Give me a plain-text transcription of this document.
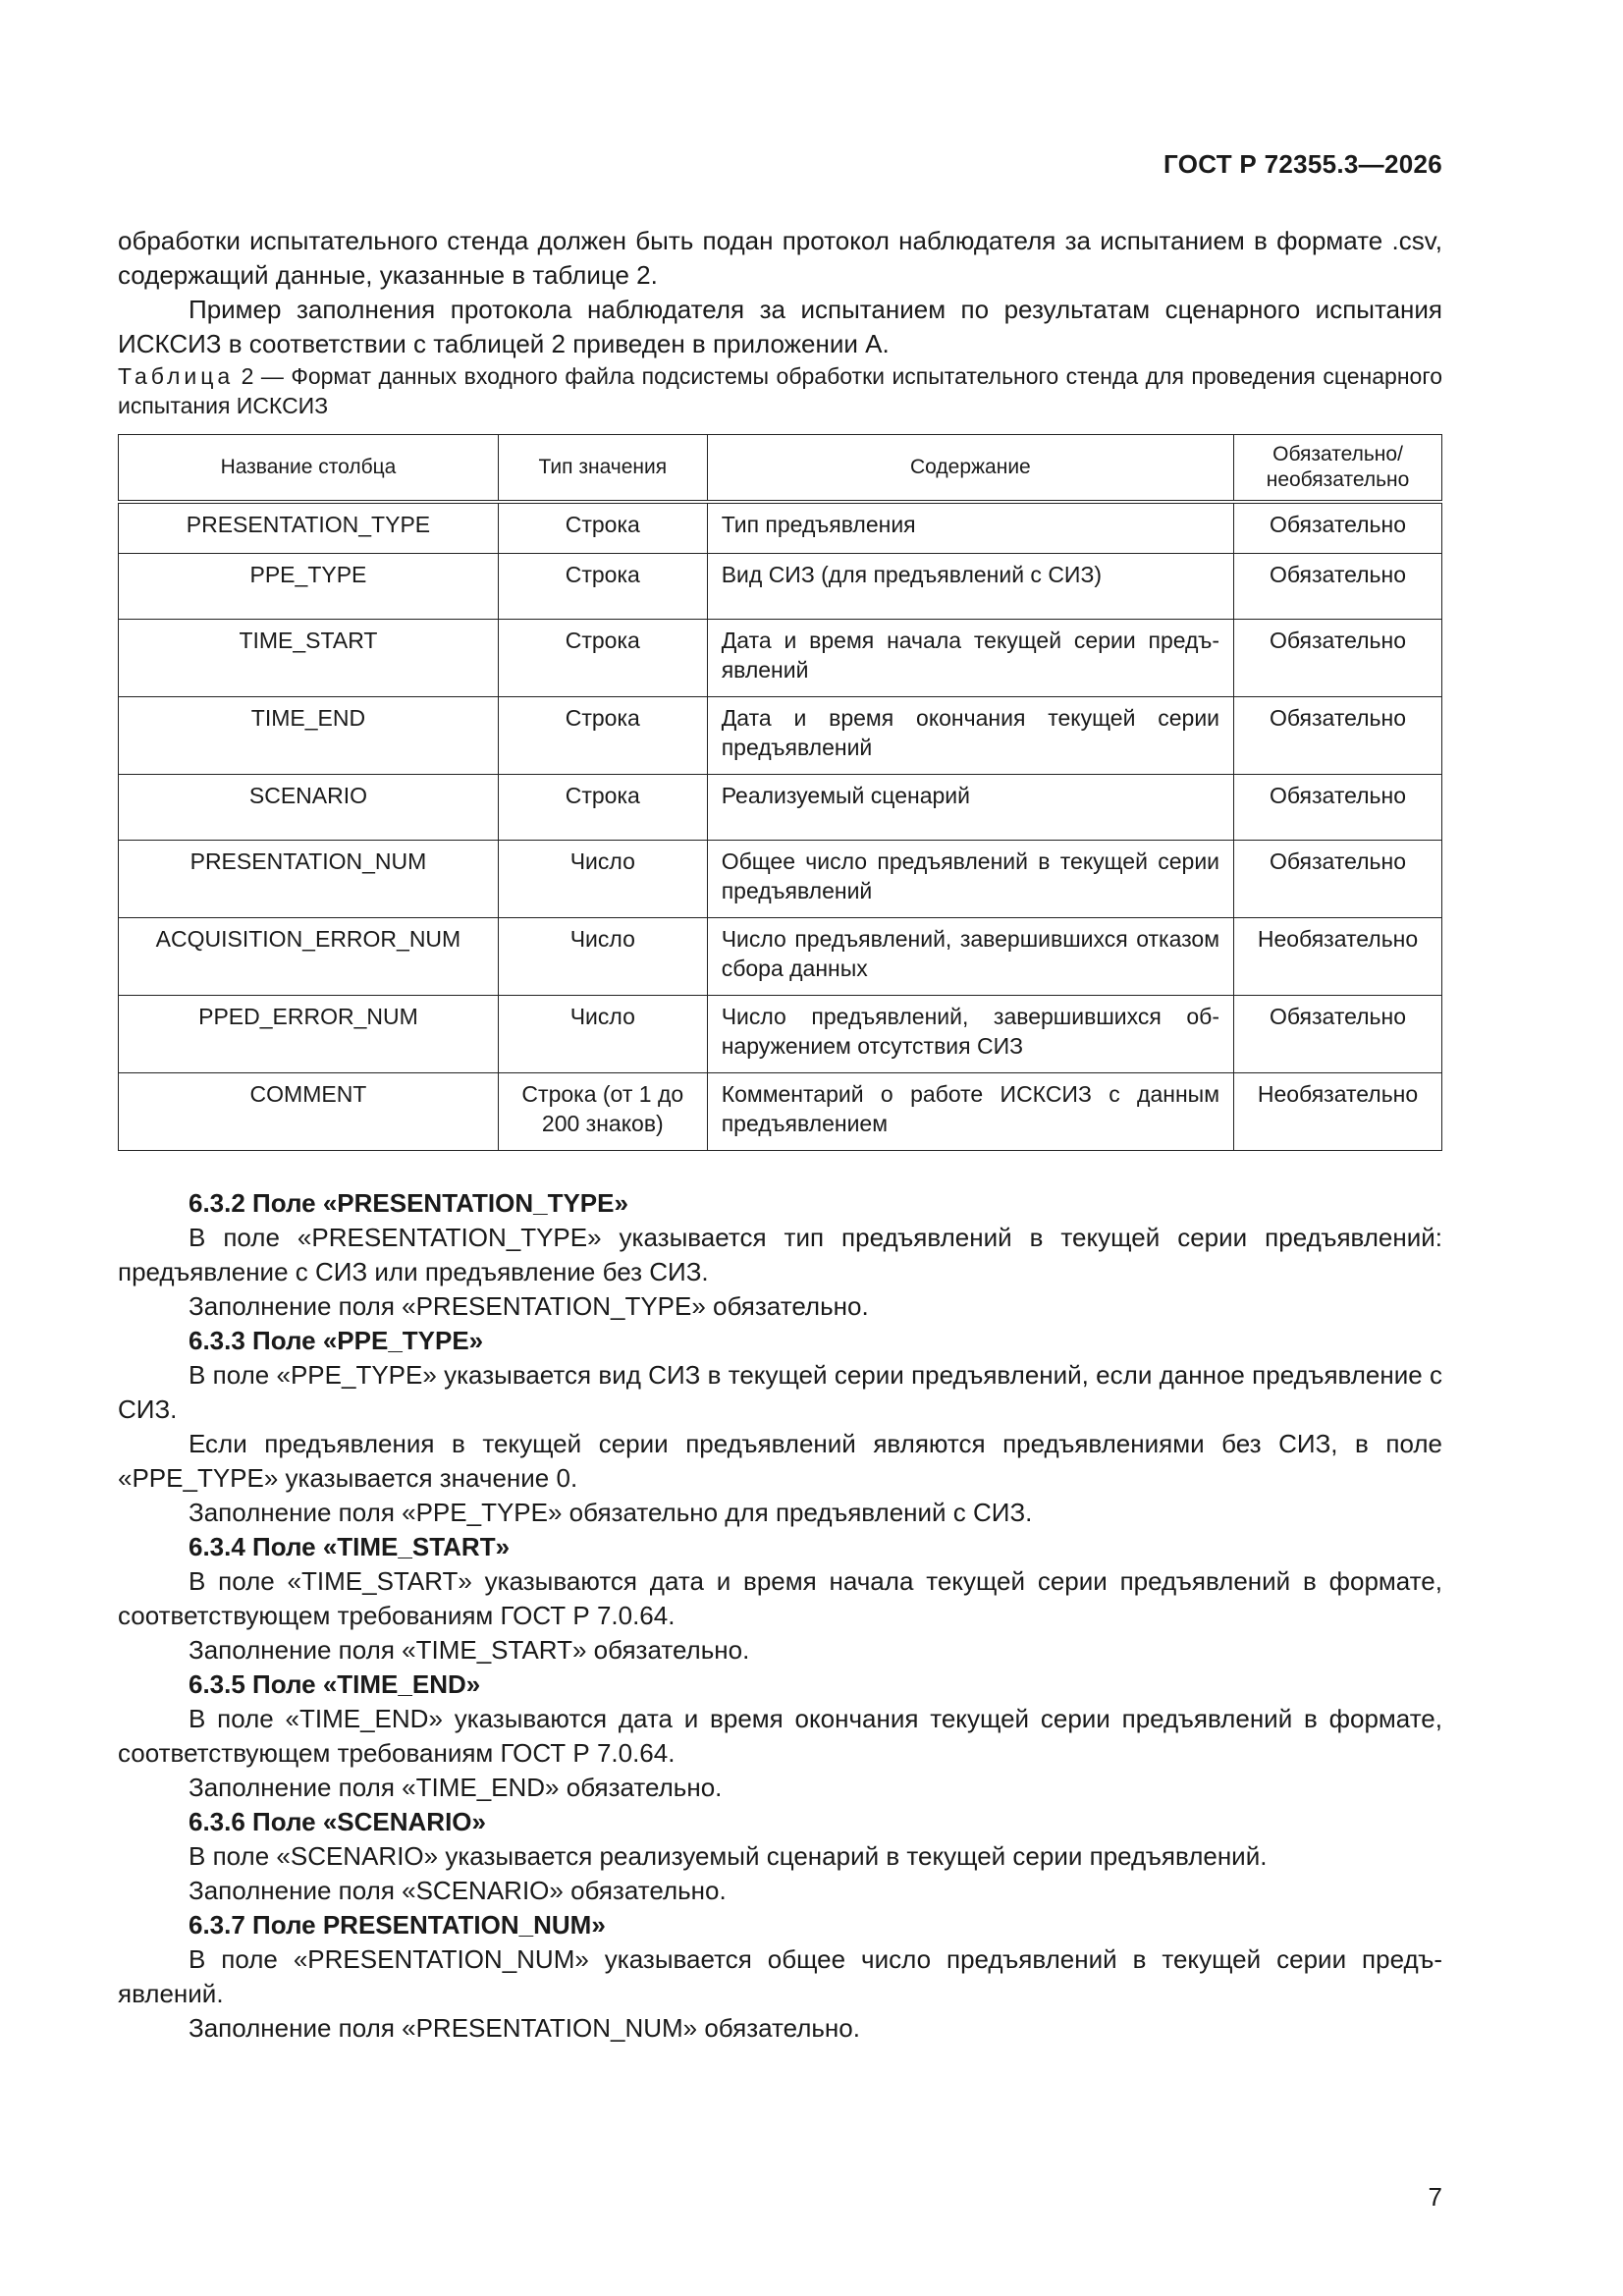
ГОСТ Р 72355.3—2026

обработки испытательного стенда должен быть подан протокол наблюдателя за испытанием в формате .csv, содержащий данные, указанные в таблице 2.

Пример заполнения протокола наблюдателя за испытанием по результатам сценарного испытания ИСКСИЗ в соответствии с таблицей 2 приведен в приложении А.

Таблица 2 — Формат данных входного файла подсистемы обработки испытательного стенда для проведения сценарного испытания ИСКСИЗ

Название столбца	Тип значения	Содержание	Обязательно/ необязательно
PRESENTATION_TYPE	Строка	Тип предъявления	Обязательно
PPE_TYPE	Строка	Вид СИЗ (для предъявлений с СИЗ)	Обязательно
TIME_START	Строка	Дата и время начала текущей серии предъявлений	Обязательно
TIME_END	Строка	Дата и время окончания текущей серии предъявлений	Обязательно
SCENARIO	Строка	Реализуемый сценарий	Обязательно
PRESENTATION_NUM	Число	Общее число предъявлений в текущей серии предъявлений	Обязательно
ACQUISITION_ERROR_NUM	Число	Число предъявлений, завершившихся отказом сбора данных	Необязательно
PPED_ERROR_NUM	Число	Число предъявлений, завершившихся обнаружением отсутствия СИЗ	Обязательно
COMMENT	Строка (от 1 до 200 знаков)	Комментарий о работе ИСКСИЗ с данным предъявлением	Необязательно

6.3.2 Поле «PRESENTATION_TYPE»

В поле «PRESENTATION_TYPE» указывается тип предъявлений в текущей серии предъявлений: предъявление с СИЗ или предъявление без СИЗ.

Заполнение поля «PRESENTATION_TYPE» обязательно.

6.3.3 Поле «PPE_TYPE»

В поле «PPE_TYPE» указывается вид СИЗ в текущей серии предъявлений, если данное предъявление с СИЗ.

Если предъявления в текущей серии предъявлений являются предъявлениями без СИЗ, в поле «PPE_TYPE» указывается значение 0.

Заполнение поля «PPE_TYPE» обязательно для предъявлений с СИЗ.

6.3.4 Поле «TIME_START»

В поле «TIME_START» указываются дата и время начала текущей серии предъявлений в формате, соответствующем требованиям ГОСТ Р 7.0.64.

Заполнение поля «TIME_START» обязательно.

6.3.5 Поле «TIME_END»

В поле «TIME_END» указываются дата и время окончания текущей серии предъявлений в формате, соответствующем требованиям ГОСТ Р 7.0.64.

Заполнение поля «TIME_END» обязательно.

6.3.6 Поле «SCENARIO»

В поле «SCENARIO» указывается реализуемый сценарий в текущей серии предъявлений.

Заполнение поля «SCENARIO» обязательно.

6.3.7 Поле PRESENTATION_NUM»

В поле «PRESENTATION_NUM» указывается общее число предъявлений в текущей серии предъявлений.

Заполнение поля «PRESENTATION_NUM» обязательно.

7
